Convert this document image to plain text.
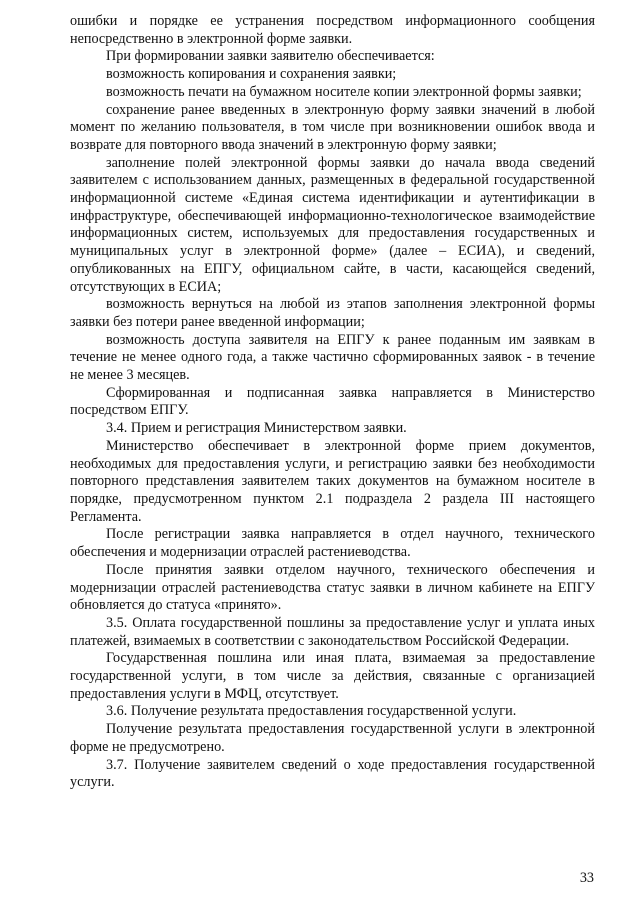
ошибки и порядке ее устранения посредством информационного сообщения непосредственно в электронной форме заявки.

При формировании заявки заявителю обеспечивается:

возможность копирования и сохранения заявки;

возможность печати на бумажном носителе копии электронной формы заявки;

сохранение ранее введенных в электронную форму заявки значений в любой момент по желанию пользователя, в том числе при возникновении ошибок ввода и возврате для повторного ввода значений в электронную форму заявки;

заполнение полей электронной формы заявки до начала ввода сведений заявителем с использованием данных, размещенных в федеральной государственной информационной системе «Единая система идентификации и аутентификации в инфраструктуре, обеспечивающей информационно-технологическое взаимодействие информационных систем, используемых для предоставления государственных и муниципальных услуг в электронной форме» (далее – ЕСИА), и сведений, опубликованных на ЕПГУ, официальном сайте, в части, касающейся сведений, отсутствующих в ЕСИА;

возможность вернуться на любой из этапов заполнения электронной формы заявки без потери ранее введенной информации;

возможность доступа заявителя на ЕПГУ к ранее поданным им заявкам в течение не менее одного года, а также частично сформированных заявок - в течение не менее 3 месяцев.

Сформированная и подписанная заявка направляется в Министерство посредством ЕПГУ.

3.4. Прием и регистрация Министерством заявки.

Министерство обеспечивает в электронной форме прием документов, необходимых для предоставления услуги, и регистрацию заявки без необходимости повторного представления заявителем таких документов на бумажном носителе в порядке, предусмотренном пунктом 2.1 подраздела 2 раздела III настоящего Регламента.

После регистрации заявка направляется в отдел научного, технического обеспечения и модернизации отраслей растениеводства.

После принятия заявки отделом научного, технического обеспечения и модернизации отраслей растениеводства статус заявки в личном кабинете на ЕПГУ обновляется до статуса «принято».

3.5. Оплата государственной пошлины за предоставление услуг и уплата иных платежей, взимаемых в соответствии с законодательством Российской Федерации.

Государственная пошлина или иная плата, взимаемая за предоставление государственной услуги, в том числе за действия, связанные с организацией предоставления услуги в МФЦ, отсутствует.

3.6. Получение результата предоставления государственной услуги.

Получение результата предоставления государственной услуги в электронной форме не предусмотрено.

3.7. Получение заявителем сведений о ходе предоставления государственной услуги.

33
